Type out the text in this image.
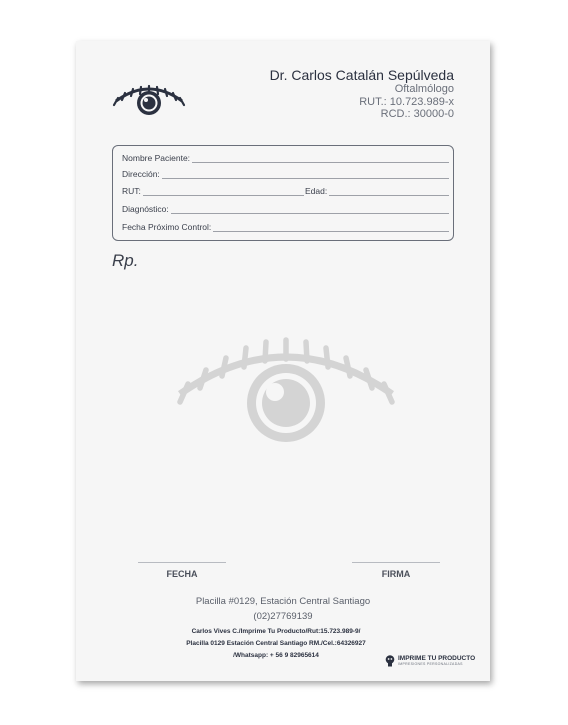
Dr. Carlos Catalán Sepúlveda
Oftalmólogo
RUT.: 10.723.989-x
RCD.: 30000-0
Nombre Paciente:
Dirección:
RUT:	Edad:
Diagnóstico:
Fecha Próximo Control:
Rp.
FECHA	FIRMA
Placilla #0129, Estación Central Santiago
(02)27769139
Carlos Vives C./Imprime Tu Producto/Rut:15.723.989-9/
Placilla 0129 Estación Central Santiago RM./Cel.:64326927
/Whatsapp: + 56 9 82965614	IMPRIME TU PRODUCTO
IMPRESIONES PERSONALIZADAS
